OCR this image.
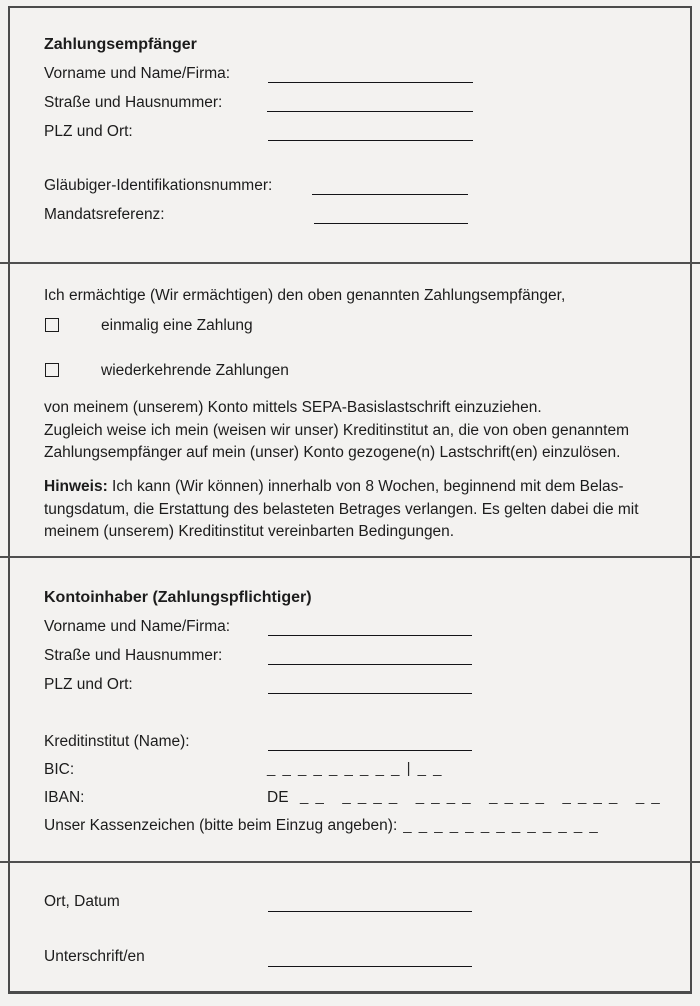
Zahlungsempfänger
Vorname und Name/Firma:
Straße und Hausnummer:
PLZ und Ort:
Gläubiger-Identifikationsnummer:
Mandatsreferenz:
Ich ermächtige (Wir ermächtigen) den oben genannten Zahlungsempfänger,
einmalig eine Zahlung
wiederkehrende Zahlungen
von meinem (unserem) Konto mittels SEPA-Basislastschrift einzuziehen.
Zugleich weise ich mein (weisen wir unser) Kreditinstitut an, die von oben genanntem
Zahlungsempfänger auf mein (unser) Konto gezogene(n) Lastschrift(en) einzulösen.
Hinweis: Ich kann (Wir können) innerhalb von 8 Wochen, beginnend mit dem Belas-
tungsdatum, die Erstattung des belasteten Betrages verlangen. Es gelten dabei die mit
meinem (unserem) Kreditinstitut vereinbarten Bedingungen.
Kontoinhaber (Zahlungspflichtiger)
Vorname und Name/Firma:
Straße und Hausnummer:
PLZ und Ort:
Kreditinstitut (Name):
BIC:	_ _ _ _ _ _ _ _ _ | _ _
IBAN:	DE _ _   _ _ _ _   _ _ _ _   _ _ _ _   _ _ _ _   _ _
Unser Kassenzeichen (bitte beim Einzug angeben): _ _ _ _ _ _ _ _ _ _ _ _ _
Ort, Datum
Unterschrift/en
